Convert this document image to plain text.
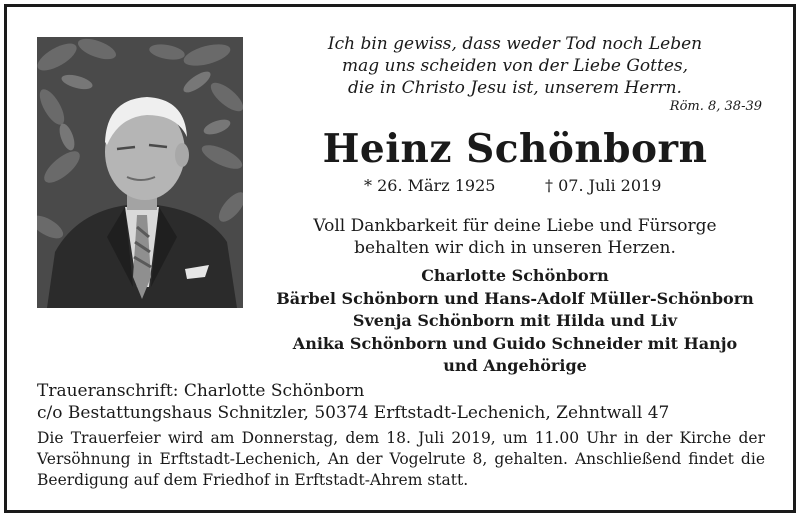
Ich bin gewiss, dass weder Tod noch Leben
mag uns scheiden von der Liebe Gottes,
die in Christo Jesu ist, unserem Herrn.
Röm. 8, 38-39
Heinz Schönborn
* 26. März 1925	† 07. Juli 2019
Voll Dankbarkeit für deine Liebe und Fürsorge
behalten wir dich in unseren Herzen.
Charlotte Schönborn
Bärbel Schönborn und Hans-Adolf Müller-Schönborn
Svenja Schönborn mit Hilda und Liv
Anika Schönborn und Guido Schneider mit Hanjo
und Angehörige
Traueranschrift: Charlotte Schönborn
c/o Bestattungshaus Schnitzler, 50374 Erftstadt-Lechenich, Zehntwall 47
Die Trauerfeier wird am Donnerstag, dem 18. Juli 2019, um 11.00 Uhr in der Kirche der Versöhnung in Erftstadt-Lechenich, An der Vogelrute 8, gehalten. Anschließend findet die Beerdigung auf dem Friedhof in Erftstadt-Ahrem statt.
